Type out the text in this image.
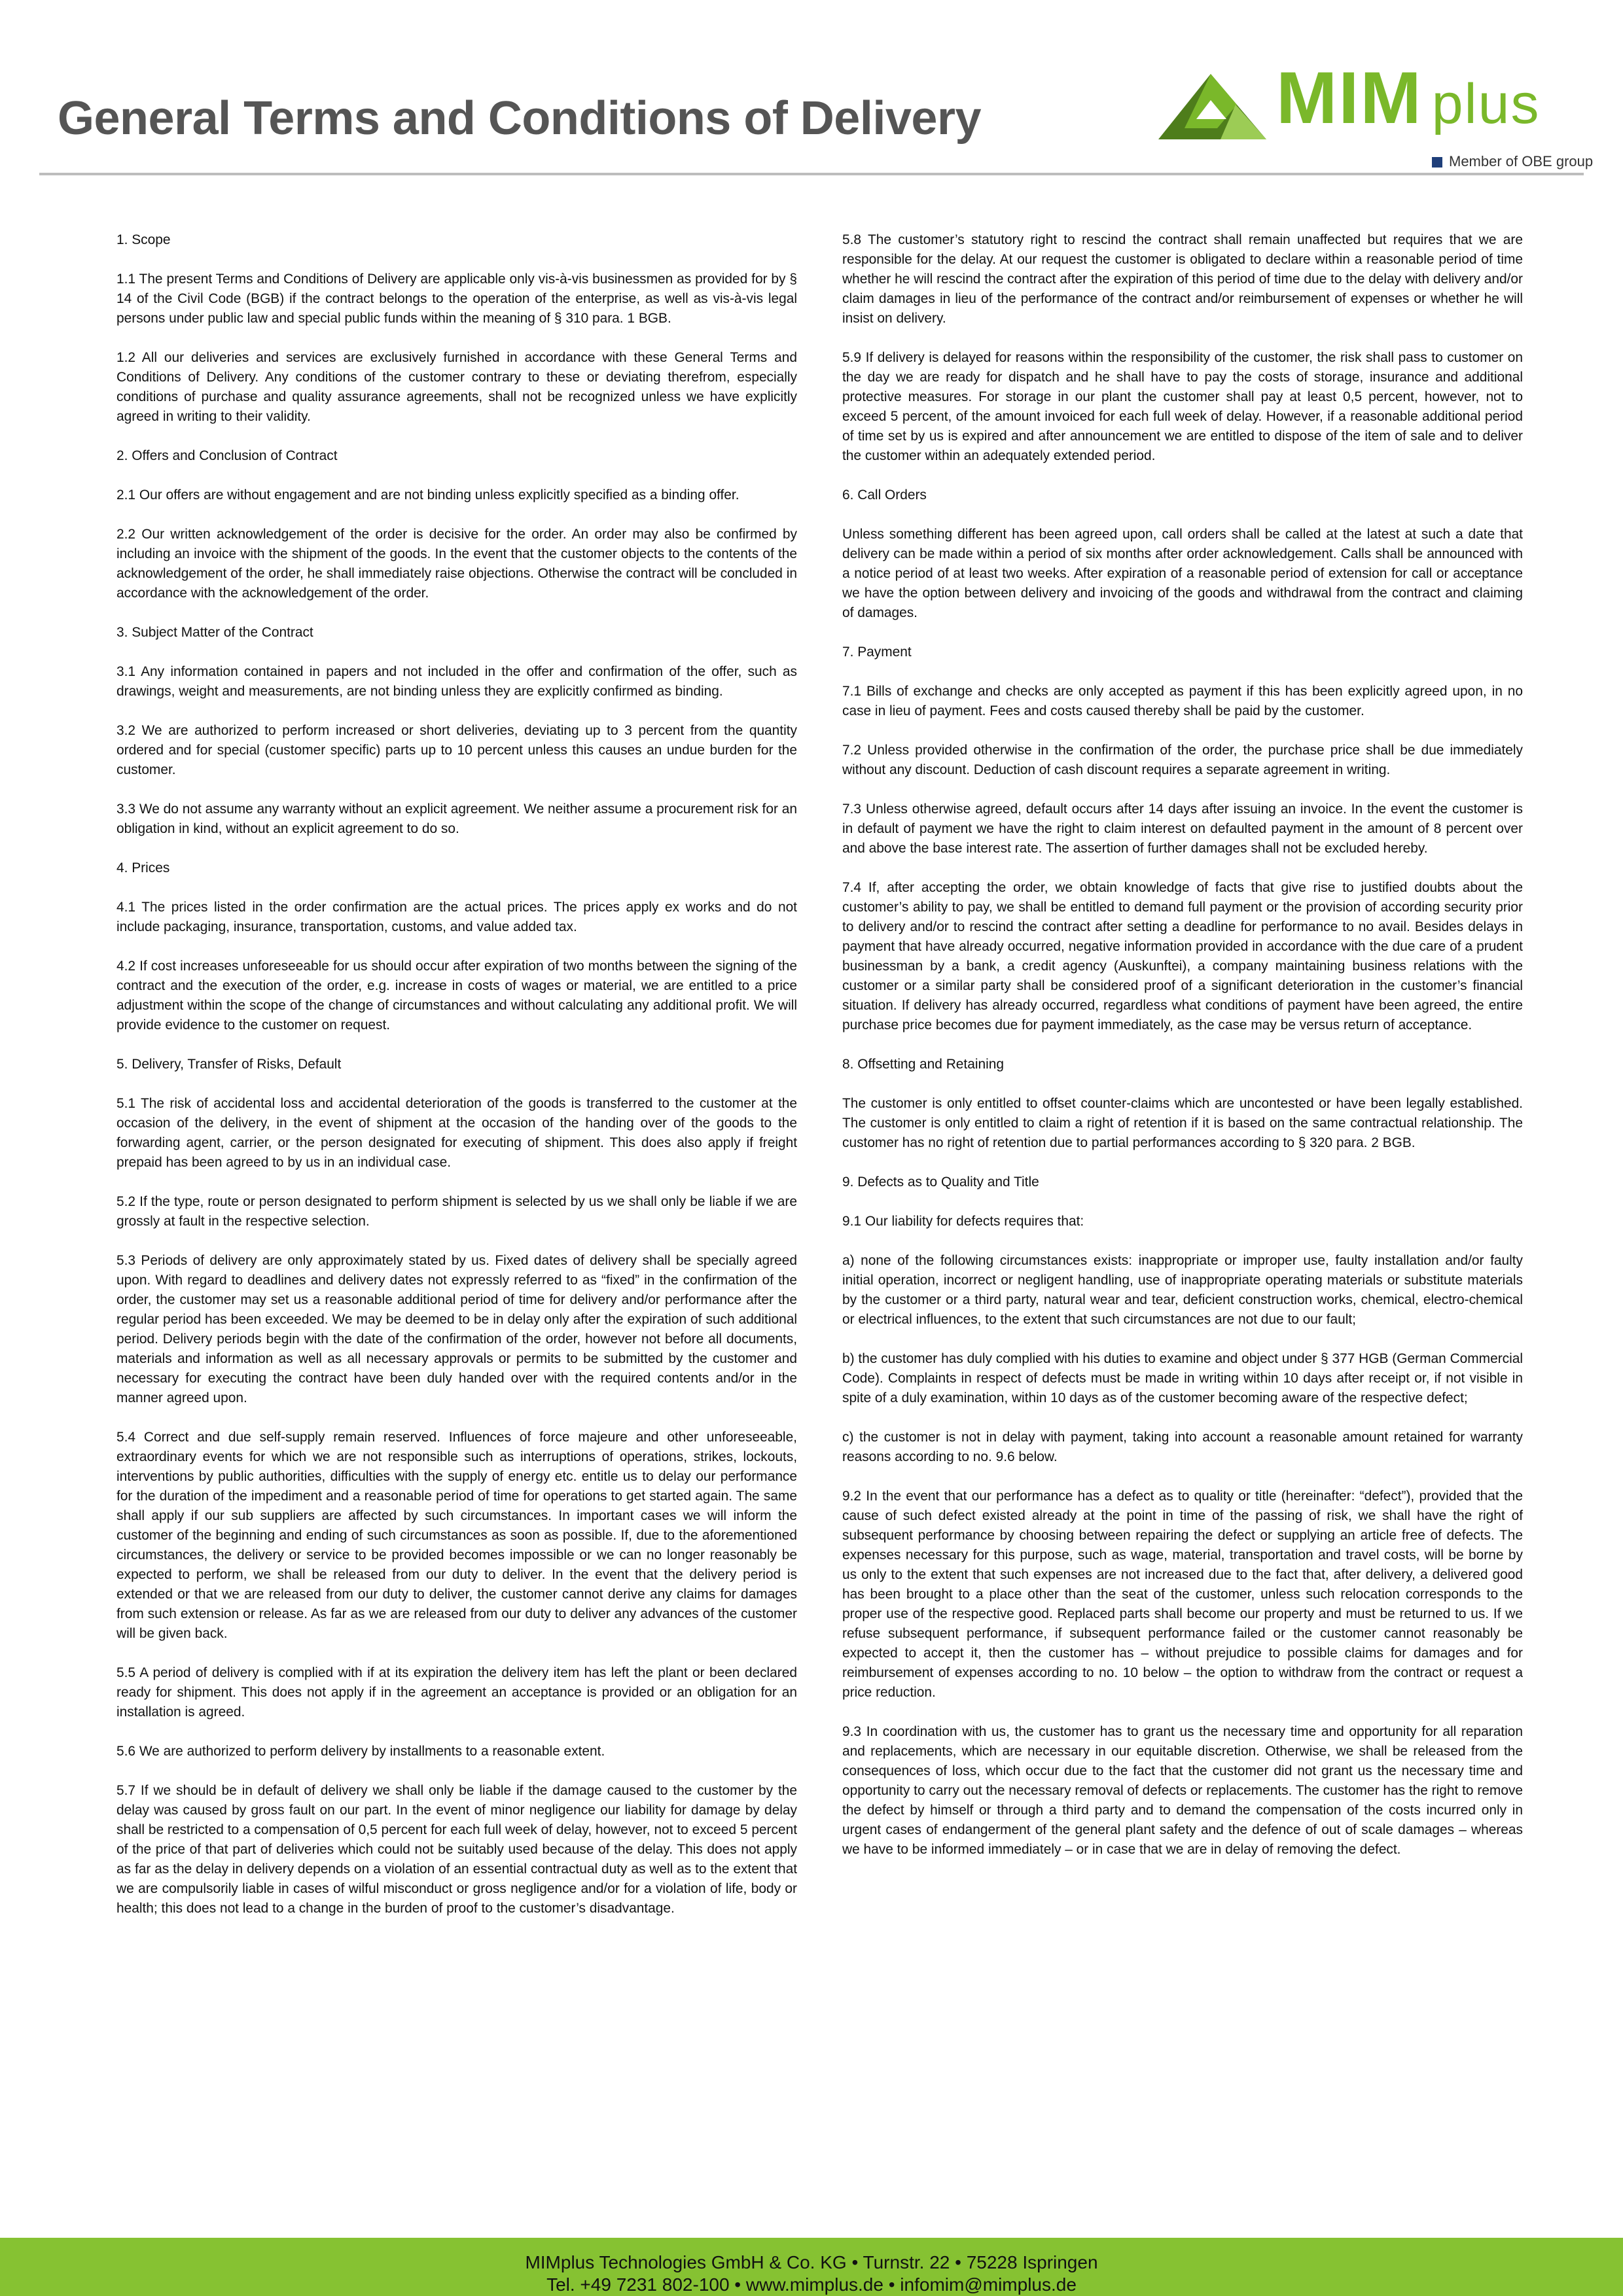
General Terms and Conditions of Delivery	MIM plus
Member of OBE group

1. Scope

1.1 The present Terms and Conditions of Delivery are applicable only vis-à-vis businessmen as provided for by § 14 of the Civil Code (BGB) if the contract belongs to the operation of the enterprise, as well as vis-à-vis legal persons under public law and special public funds within the meaning of § 310 para. 1 BGB.

1.2 All our deliveries and services are exclusively furnished in accordance with these General Terms and Conditions of Delivery. Any conditions of the customer contrary to these or deviating therefrom, especially conditions of purchase and quality assurance agreements, shall not be recognized unless we have explicitly agreed in writing to their validity.

2. Offers and Conclusion of Contract

2.1 Our offers are without engagement and are not binding unless explicitly specified as a binding offer.

2.2 Our written acknowledgement of the order is decisive for the order. An order may also be confirmed by including an invoice with the shipment of the goods. In the event that the customer objects to the contents of the acknowledgement of the order, he shall immediately raise objections. Otherwise the contract will be concluded in accordance with the acknowledgement of the order.

3. Subject Matter of the Contract

3.1 Any information contained in papers and not included in the offer and confirmation of the offer, such as drawings, weight and measurements, are not binding unless they are explicitly confirmed as binding.

3.2 We are authorized to perform increased or short deliveries, deviating up to 3 percent from the quantity ordered and for special (customer specific) parts up to 10 percent unless this causes an undue burden for the customer.

3.3 We do not assume any warranty without an explicit agreement. We neither assume a procurement risk for an obligation in kind, without an explicit agreement to do so.

4. Prices

4.1 The prices listed in the order confirmation are the actual prices. The prices apply ex works and do not include packaging, insurance, transportation, customs, and value added tax.

4.2 If cost increases unforeseeable for us should occur after expiration of two months between the signing of the contract and the execution of the order, e.g. increase in costs of wages or material, we are entitled to a price adjustment within the scope of the change of circumstances and without calculating any additional profit. We will provide evidence to the customer on request.

5. Delivery, Transfer of Risks, Default

5.1 The risk of accidental loss and accidental deterioration of the goods is transferred to the customer at the occasion of the delivery, in the event of shipment at the occasion of the handing over of the goods to the forwarding agent, carrier, or the person designated for executing of shipment. This does also apply if freight prepaid has been agreed to by us in an individual case.

5.2 If the type, route or person designated to perform shipment is selected by us we shall only be liable if we are grossly at fault in the respective selection.

5.3 Periods of delivery are only approximately stated by us. Fixed dates of delivery shall be specially agreed upon. With regard to deadlines and delivery dates not expressly referred to as “fixed” in the confirmation of the order, the customer may set us a reasonable additional period of time for delivery and/or performance after the regular period has been exceeded. We may be deemed to be in delay only after the expiration of such additional period. Delivery periods begin with the date of the confirmation of the order, however not before all documents, materials and information as well as all necessary approvals or permits to be submitted by the customer and necessary for executing the contract have been duly handed over with the required contents and/or in the manner agreed upon.

5.4 Correct and due self-supply remain reserved. Influences of force majeure and other unforeseeable, extraordinary events for which we are not responsible such as interruptions of operations, strikes, lockouts, interventions by public authorities, difficulties with the supply of energy etc. entitle us to delay our performance for the duration of the impediment and a reasonable period of time for operations to get started again. The same shall apply if our sub suppliers are affected by such circumstances. In important cases we will inform the customer of the beginning and ending of such circumstances as soon as possible. If, due to the aforementioned circumstances, the delivery or service to be provided becomes impossible or we can no longer reasonably be expected to perform, we shall be released from our duty to deliver. In the event that the delivery period is extended or that we are released from our duty to deliver, the customer cannot derive any claims for damages from such extension or release. As far as we are released from our duty to deliver any advances of the customer will be given back.

5.5 A period of delivery is complied with if at its expiration the delivery item has left the plant or been declared ready for shipment. This does not apply if in the agreement an acceptance is provided or an obligation for an installation is agreed.

5.6 We are authorized to perform delivery by installments to a reasonable extent.

5.7 If we should be in default of delivery we shall only be liable if the damage caused to the customer by the delay was caused by gross fault on our part. In the event of minor negligence our liability for damage by delay shall be restricted to a compensation of 0,5 percent for each full week of delay, however, not to exceed 5 percent of the price of that part of deliveries which could not be suitably used because of the delay. This does not apply as far as the delay in delivery depends on a violation of an essential contractual duty as well as to the extent that we are compulsorily liable in cases of wilful misconduct or gross negligence and/or for a violation of life, body or health; this does not lead to a change in the burden of proof to the customer’s disadvantage.

5.8 The customer’s statutory right to rescind the contract shall remain unaffected but requires that we are responsible for the delay. At our request the customer is obligated to declare within a reasonable period of time whether he will rescind the contract after the expiration of this period of time due to the delay with delivery and/or claim damages in lieu of the performance of the contract and/or reimbursement of expenses or whether he will insist on delivery.

5.9 If delivery is delayed for reasons within the responsibility of the customer, the risk shall pass to customer on the day we are ready for dispatch and he shall have to pay the costs of storage, insurance and additional protective measures. For storage in our plant the customer shall pay at least 0,5 percent, however, not to exceed 5 percent, of the amount invoiced for each full week of delay. However, if a reasonable additional period of time set by us is expired and after announcement we are entitled to dispose of the item of sale and to deliver the customer within an adequately extended period.

6. Call Orders

Unless something different has been agreed upon, call orders shall be called at the latest at such a date that delivery can be made within a period of six months after order acknowledgement. Calls shall be announced with a notice period of at least two weeks. After expiration of a reasonable period of extension for call or acceptance we have the option between delivery and invoicing of the goods and withdrawal from the contract and claiming of damages.

7. Payment

7.1 Bills of exchange and checks are only accepted as payment if this has been explicitly agreed upon, in no case in lieu of payment. Fees and costs caused thereby shall be paid by the customer.

7.2 Unless provided otherwise in the confirmation of the order, the purchase price shall be due immediately without any discount. Deduction of cash discount requires a separate agreement in writing.

7.3 Unless otherwise agreed, default occurs after 14 days after issuing an invoice. In the event the customer is in default of payment we have the right to claim interest on defaulted payment in the amount of 8 percent over and above the base interest rate. The assertion of further damages shall not be excluded hereby.

7.4 If, after accepting the order, we obtain knowledge of facts that give rise to justified doubts about the customer’s ability to pay, we shall be entitled to demand full payment or the provision of according security prior to delivery and/or to rescind the contract after setting a deadline for performance to no avail. Besides delays in payment that have already occurred, negative information provided in accordance with the due care of a prudent businessman by a bank, a credit agency (Auskunftei), a company maintaining business relations with the customer or a similar party shall be considered proof of a significant deterioration in the customer’s financial situation. If delivery has already occurred, regardless what conditions of payment have been agreed, the entire purchase price becomes due for payment immediately, as the case may be versus return of acceptance.

8. Offsetting and Retaining

The customer is only entitled to offset counter-claims which are uncontested or have been legally established. The customer is only entitled to claim a right of retention if it is based on the same contractual relationship. The customer has no right of retention due to partial performances according to § 320 para. 2 BGB.

9. Defects as to Quality and Title

9.1 Our liability for defects requires that:

a) none of the following circumstances exists: inappropriate or improper use, faulty installation and/or faulty initial operation, incorrect or negligent handling, use of inappropriate operating materials or substitute materials by the customer or a third party, natural wear and tear, deficient construction works, chemical, electro-chemical or electrical influences, to the extent that such circumstances are not due to our fault;

b) the customer has duly complied with his duties to examine and object under § 377 HGB (German Commercial Code). Complaints in respect of defects must be made in writing within 10 days after receipt or, if not visible in spite of a duly examination, within 10 days as of the customer becoming aware of the respective defect;

c) the customer is not in delay with payment, taking into account a reasonable amount retained for warranty reasons according to no. 9.6 below.

9.2 In the event that our performance has a defect as to quality or title (hereinafter: “defect”), provided that the cause of such defect existed already at the point in time of the passing of risk, we shall have the right of subsequent performance by choosing between repairing the defect or supplying an article free of defects. The expenses necessary for this purpose, such as wage, material, transportation and travel costs, will be borne by us only to the extent that such expenses are not increased due to the fact that, after delivery, a delivered good has been brought to a place other than the seat of the customer, unless such relocation corresponds to the proper use of the respective good. Replaced parts shall become our property and must be returned to us. If we refuse subsequent performance, if subsequent performance failed or the customer cannot reasonably be expected to accept it, then the customer has – without prejudice to possible claims for damages and for reimbursement of expenses according to no. 10 below – the option to withdraw from the contract or request a price reduction.

9.3 In coordination with us, the customer has to grant us the necessary time and opportunity for all reparation and replacements, which are necessary in our equitable discretion. Otherwise, we shall be released from the consequences of loss, which occur due to the fact that the customer did not grant us the necessary time and opportunity to carry out the necessary removal of defects or replacements. The customer has the right to remove the defect by himself or through a third party and to demand the compensation of the costs incurred only in urgent cases of endangerment of the general plant safety and the defence of out of scale damages – whereas we have to be informed immediately – or in case that we are in delay of removing the defect.

MIMplus Technologies GmbH & Co. KG • Turnstr. 22 • 75228 Ispringen
Tel. +49 7231 802-100 • www.mimplus.de • infomim@mimplus.de
